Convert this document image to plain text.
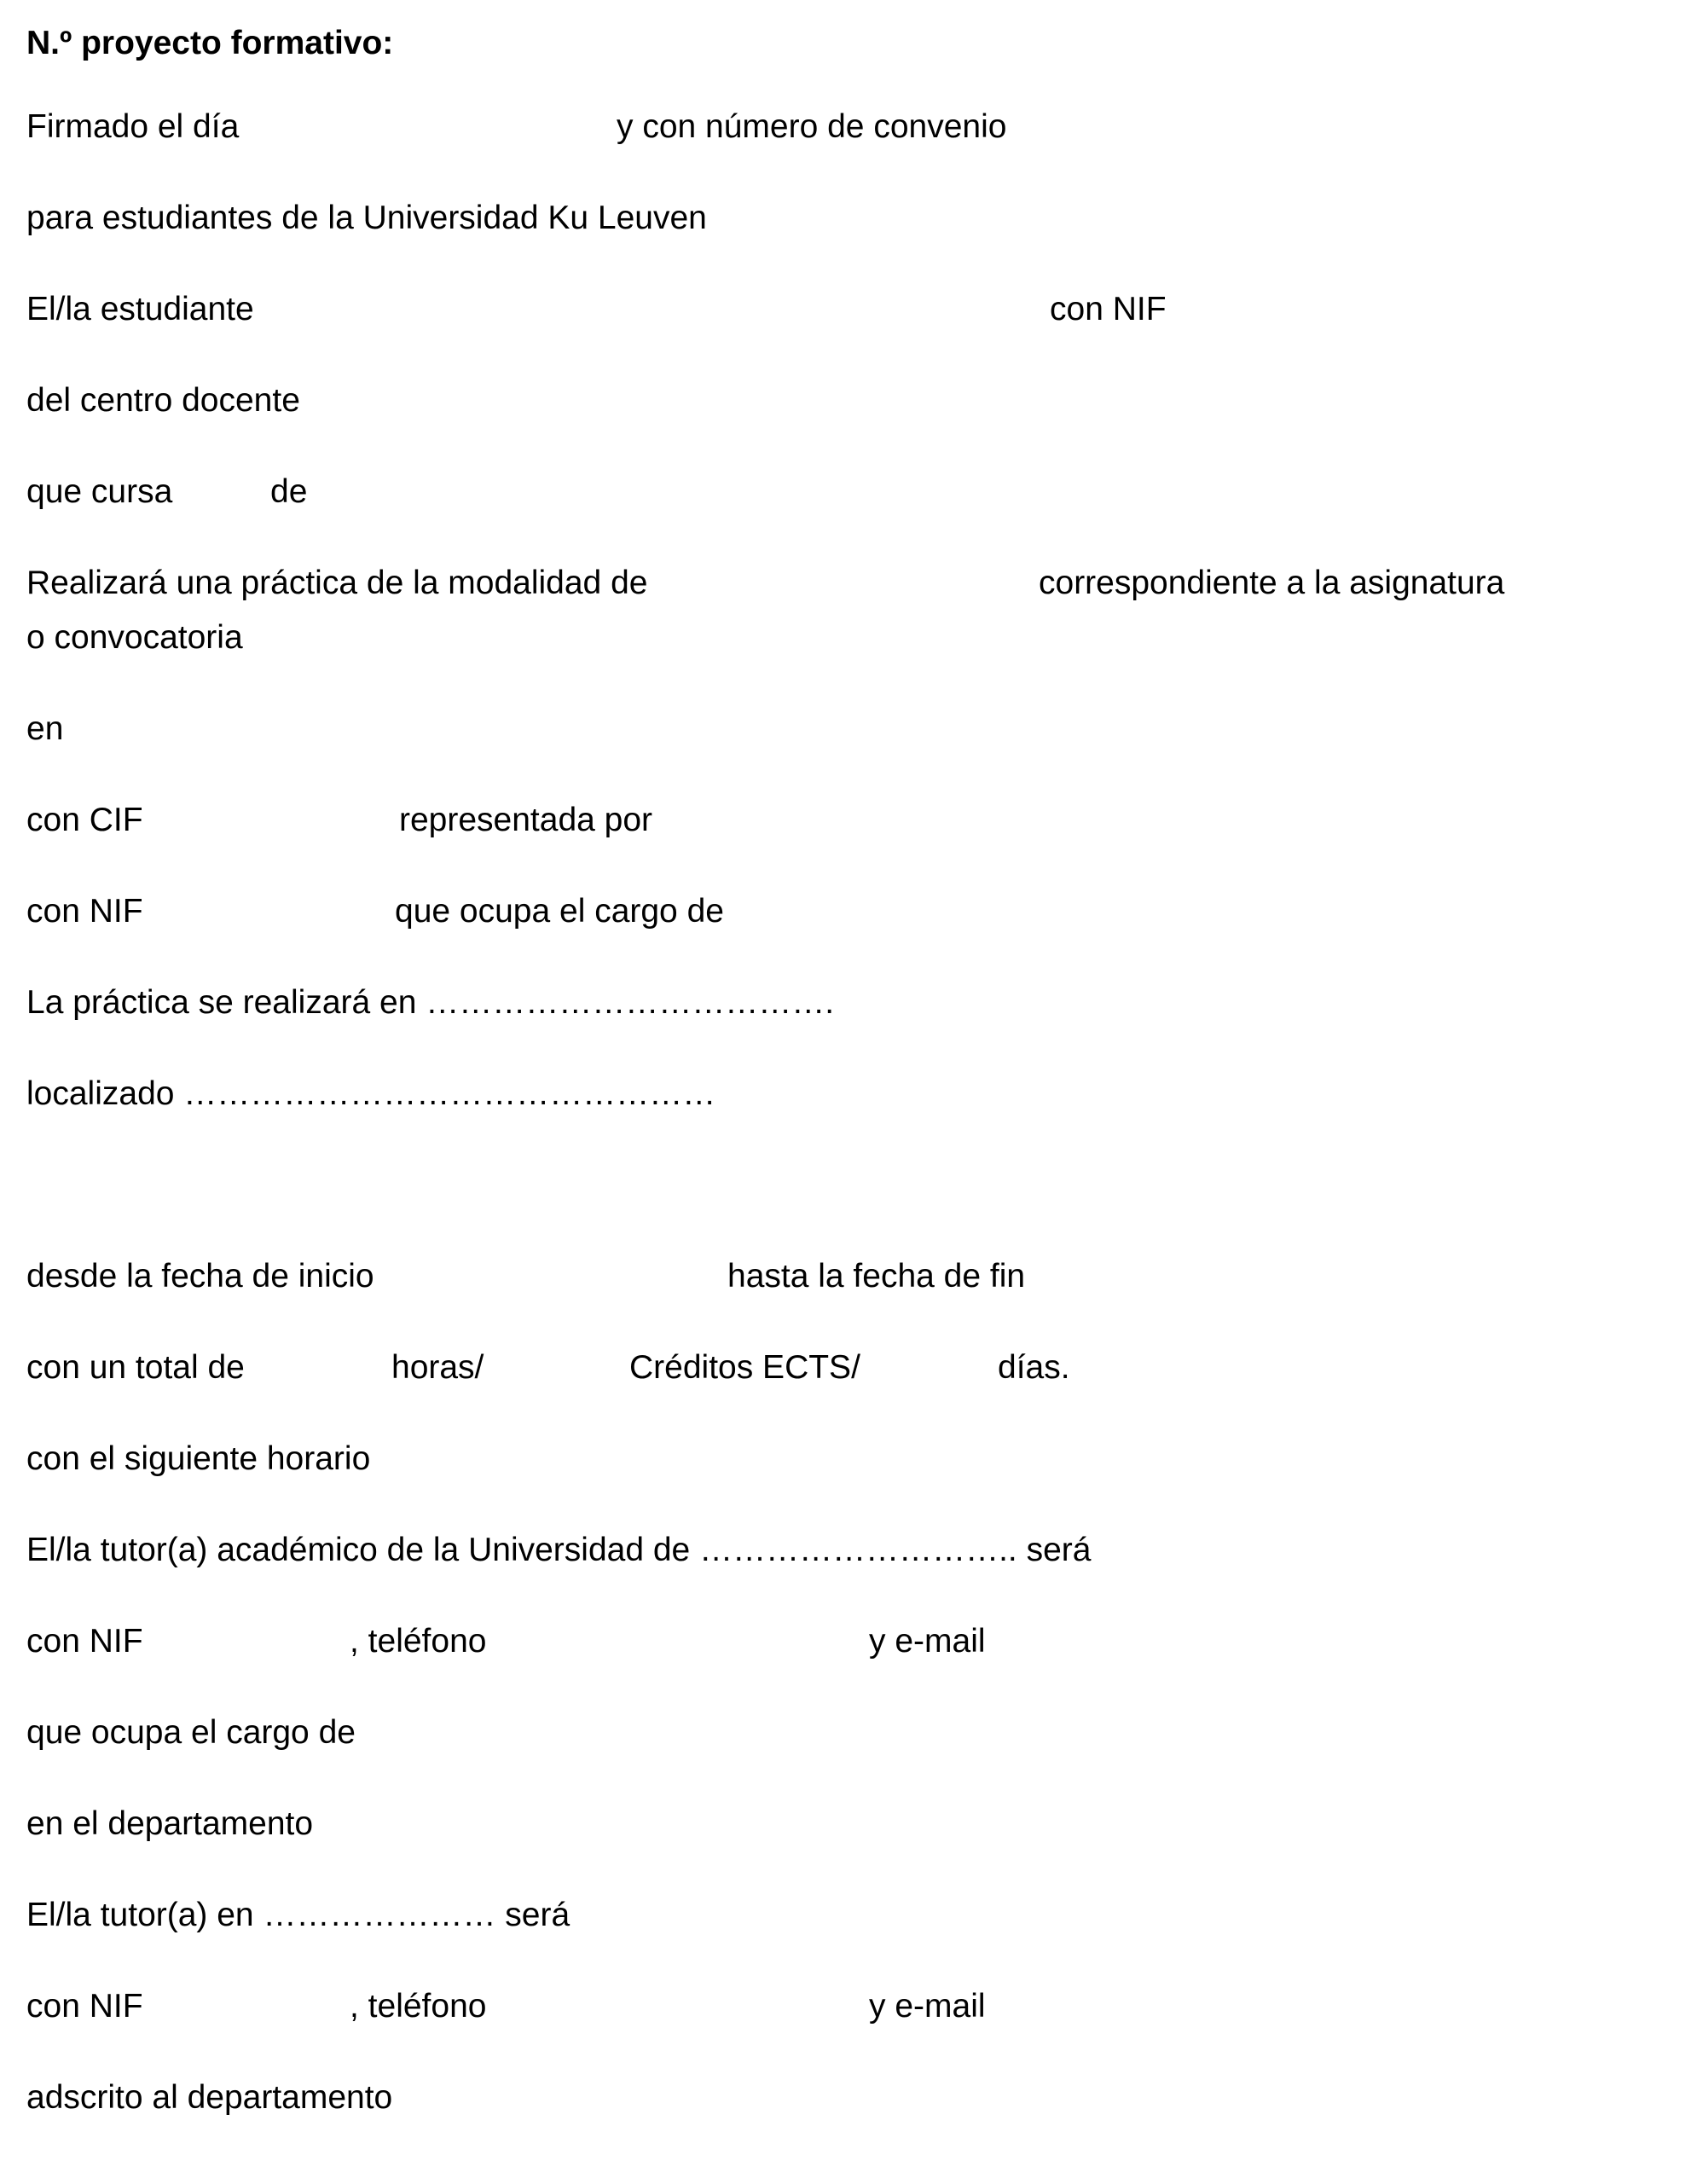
N.º proyecto formativo:
Firmado el día	y con número de convenio
para estudiantes de la Universidad Ku Leuven
El/la estudiante	con NIF
del centro docente
que cursa	de
Realizará una práctica de la modalidad de	correspondiente a la asignatura
o convocatoria
en
con CIF	representada por
con NIF	que ocupa el cargo de
La práctica se realizará en ……………………………….
localizado …………………………………………
desde la fecha de inicio	hasta la fecha de fin
con un total de	horas/	Créditos ECTS/	días.
con el siguiente horario
El/la tutor(a) académico de la Universidad de ……………………….. será
con NIF	, teléfono	y e-mail
que ocupa el cargo de
en el departamento
El/la tutor(a) en ………………… será
con NIF	, teléfono	y e-mail
adscrito al departamento
